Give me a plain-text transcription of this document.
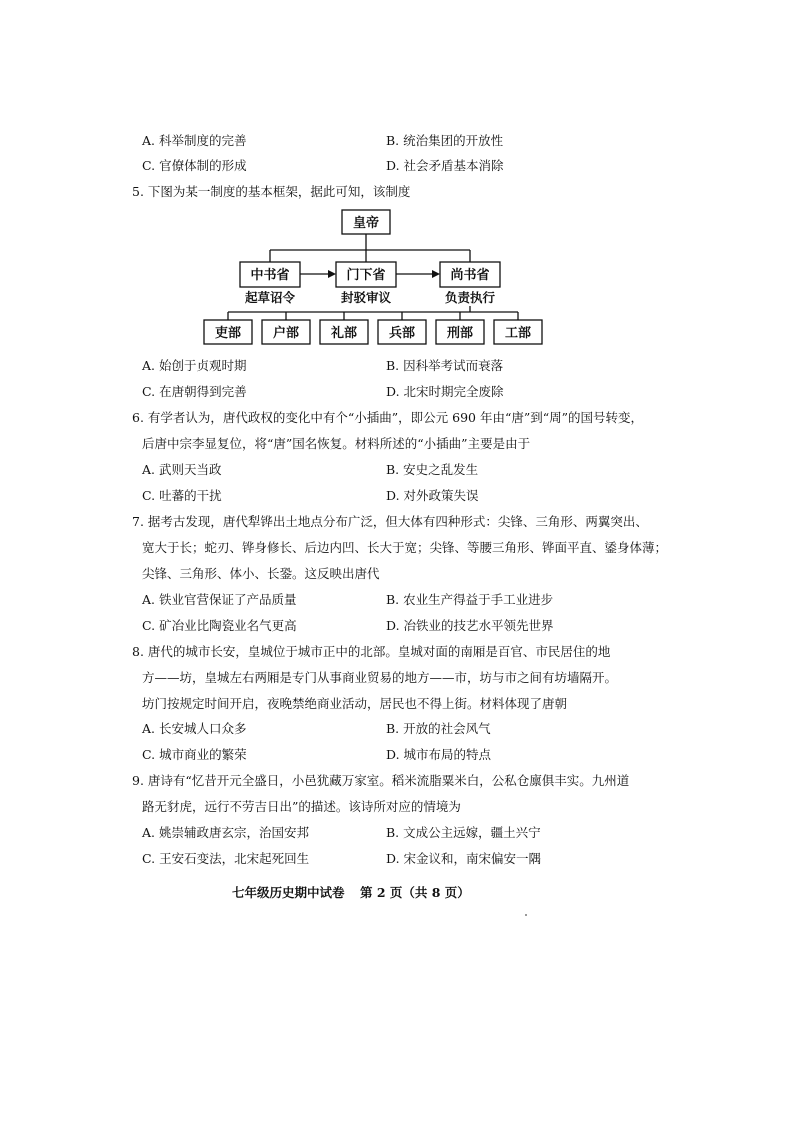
A. 科举制度的完善	B. 统治集团的开放性
C. 官僚体制的形成	D. 社会矛盾基本消除
5. 下图为某一制度的基本框架，据此可知，该制度
皇帝
中书省	门下省	尚书省
起草诏令	封驳审议	负责执行
吏部 户部 礼部 兵部 刑部 工部
A. 始创于贞观时期	B. 因科举考试而衰落
C. 在唐朝得到完善	D. 北宋时期完全废除
6. 有学者认为，唐代政权的变化中有个“小插曲”，即公元 690 年由“唐”到“周”的国号转变，
后唐中宗李显复位，将“唐”国名恢复。材料所述的“小插曲”主要是由于
A. 武则天当政	B. 安史之乱发生
C. 吐蕃的干扰	D. 对外政策失误
7. 据考古发现，唐代犁铧出土地点分布广泛，但大体有四种形式：尖锋、三角形、两翼突出、
宽大于长；蛇刃、铧身修长、后边内凹、长大于宽；尖锋、等腰三角形、铧面平直、鋈身体薄；
尖锋、三角形、体小、长銎。这反映出唐代
A. 铁业官营保证了产品质量	B. 农业生产得益于手工业进步
C. 矿冶业比陶瓷业名气更高	D. 冶铁业的技艺水平领先世界
8. 唐代的城市长安，皇城位于城市正中的北部。皇城对面的南厢是百官、市民居住的地
方——坊，皇城左右两厢是专门从事商业贸易的地方——市，坊与市之间有坊墙隔开。
坊门按规定时间开启，夜晚禁绝商业活动，居民也不得上街。材料体现了唐朝
A. 长安城人口众多	B. 开放的社会风气
C. 城市商业的繁荣	D. 城市布局的特点
9. 唐诗有“忆昔开元全盛日，小邑犹藏万家室。稻米流脂粟米白，公私仓廪俱丰实。九州道
路无豺虎，远行不劳吉日出”的描述。该诗所对应的情境为
A. 姚崇辅政唐玄宗，治国安邦	B. 文成公主远嫁，疆土兴宁
C. 王安石变法，北宋起死回生	D. 宋金议和，南宋偏安一隅
七年级历史期中试卷 第 2 页（共 8 页）
